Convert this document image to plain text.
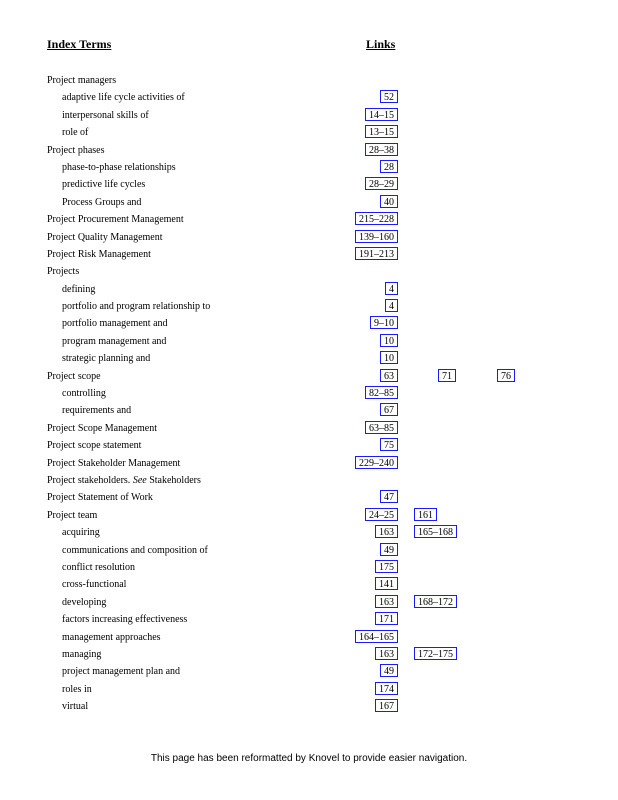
Index Terms	Links
Project managers
adaptive life cycle activities of	52
interpersonal skills of	14–15
role of	13–15
Project phases	28–38
phase-to-phase relationships	28
predictive life cycles	28–29
Process Groups and	40
Project Procurement Management	215–228
Project Quality Management	139–160
Project Risk Management	191–213
Projects
defining	4
portfolio and program relationship to	4
portfolio management and	9–10
program management and	10
strategic planning and	10
Project scope	63	71	76
controlling	82–85
requirements and	67
Project Scope Management	63–85
Project scope statement	75
Project Stakeholder Management	229–240
Project stakeholders. See Stakeholders
Project Statement of Work	47
Project team	24–25	161
acquiring	163	165–168
communications and composition of	49
conflict resolution	175
cross-functional	141
developing	163	168–172
factors increasing effectiveness	171
management approaches	164–165
managing	163	172–175
project management plan and	49
roles in	174
virtual	167
This page has been reformatted by Knovel to provide easier navigation.
